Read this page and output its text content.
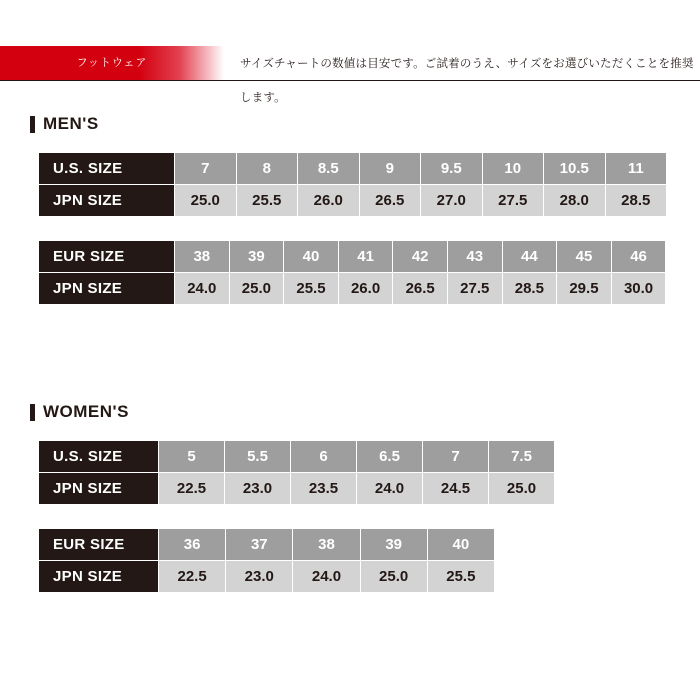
フットウェア	サイズチャートの数値は目安です。ご試着のうえ、サイズをお選びいただくことを推奨します。
MEN'S
U.S. SIZE	7	8	8.5	9	9.5	10	10.5	11
JPN SIZE	25.0	25.5	26.0	26.5	27.0	27.5	28.0	28.5
EUR SIZE	38	39	40	41	42	43	44	45	46
JPN SIZE	24.0	25.0	25.5	26.0	26.5	27.5	28.5	29.5	30.0
WOMEN'S
U.S. SIZE	5	5.5	6	6.5	7	7.5
JPN SIZE	22.5	23.0	23.5	24.0	24.5	25.0
EUR SIZE	36	37	38	39	40
JPN SIZE	22.5	23.0	24.0	25.0	25.5
